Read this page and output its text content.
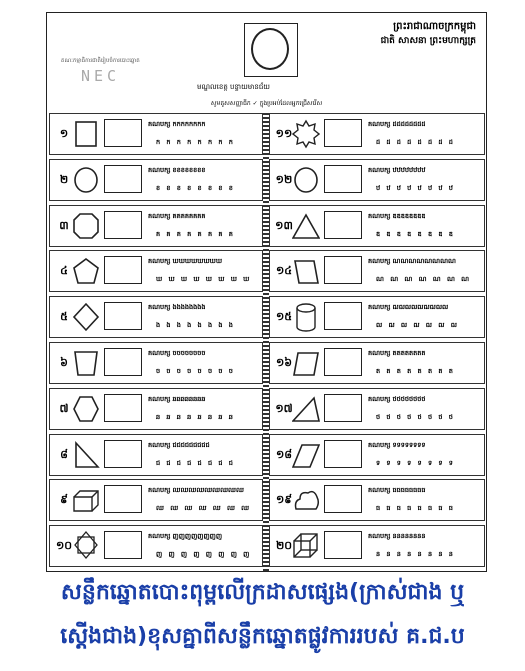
ព្រះរាជាណាចក្រកម្ពុជា
ជាតិ សាសនា ព្រះមហាក្សត្រ
គណៈកម្មាធិការជាតិរៀបចំការបោះឆ្នោត
NEC
មណ្ឌលខេត្ត បន្ទាយមានជ័យ
សូមគូសសញ្ញាធីក ✓ ក្នុងប្រអប់ដែលអ្នកជ្រើសរើស
១
គណបក្ស កកកកកកកក
ក ក ក ក ក ក ក ក
២
គណបក្ស ខខខខខខខខ
ខ ខ ខ ខ ខ ខ ខ ខ
៣
គណបក្ស គគគគគគគគ
គ គ គ គ គ គ គ គ
៤
គណបក្ស ឃឃឃឃឃឃឃឃ
ឃ ឃ ឃ ឃ ឃ ឃ ឃ ឃ
៥
គណបក្ស ងងងងងងងង
ង ង ង ង ង ង ង ង
៦
គណបក្ស ចចចចចចចច
ច ច ច ច ច ច ច ច
៧
គណបក្ស ឆឆឆឆឆឆឆឆ
ឆ ឆ ឆ ឆ ឆ ឆ ឆ ឆ
៨
គណបក្ស ជជជជជជជជជ
ជ ជ ជ ជ ជ ជ ជ ជ
៩
គណបក្ស ឈឈឈឈឈឈឈឈឈ
ឈ ឈ ឈ ឈ ឈ ឈ ឈ
១០
គណបក្ស ញញញញញញញញ
ញ ញ ញ ញ ញ ញ ញ ញ
១១
គណបក្ស ដដដដដដដដ
ដ ដ ដ ដ ដ ដ ដ ដ
១២
គណបក្ស ឋឋឋឋឋឋឋឋ
ឋ ឋ ឋ ឋ ឋ ឋ ឋ ឋ
១៣
គណបក្ស ឌឌឌឌឌឌឌឌ
ឌ ឌ ឌ ឌ ឌ ឌ ឌ ឌ
១៤
គណបក្ស ណណណណណណណណ
ណ ណ ណ ណ ណ ណ ណ
១៥
គណបក្ស ឍឍឍឍឍឍឍឍឍ
ឍ ឍ ឍ ឍ ឍ ឍ ឍ
១៦
គណបក្ស តតតតតតតត
ត ត ត ត ត ត ត ត
១៧
គណបក្ស ថថថថថថថថ
ថ ថ ថ ថ ថ ថ ថ ថ
១៨
គណបក្ស ទទទទទទទទ
ទ ទ ទ ទ ទ ទ ទ ទ
១៩
គណបក្ស ធធធធធធធធ
ធ ធ ធ ធ ធ ធ ធ ធ
២០
គណបក្ស នននននននន
ន ន ន ន ន ន ន ន
សន្លឹកឆ្នោតបោះពុម្ពលើក្រដាសផ្សេង(ក្រាស់ជាង ឬ
ស្តើងជាង)ខុសគ្នាពីសន្លឹកឆ្នោតផ្លូវការរបស់ គ.ជ.ប
